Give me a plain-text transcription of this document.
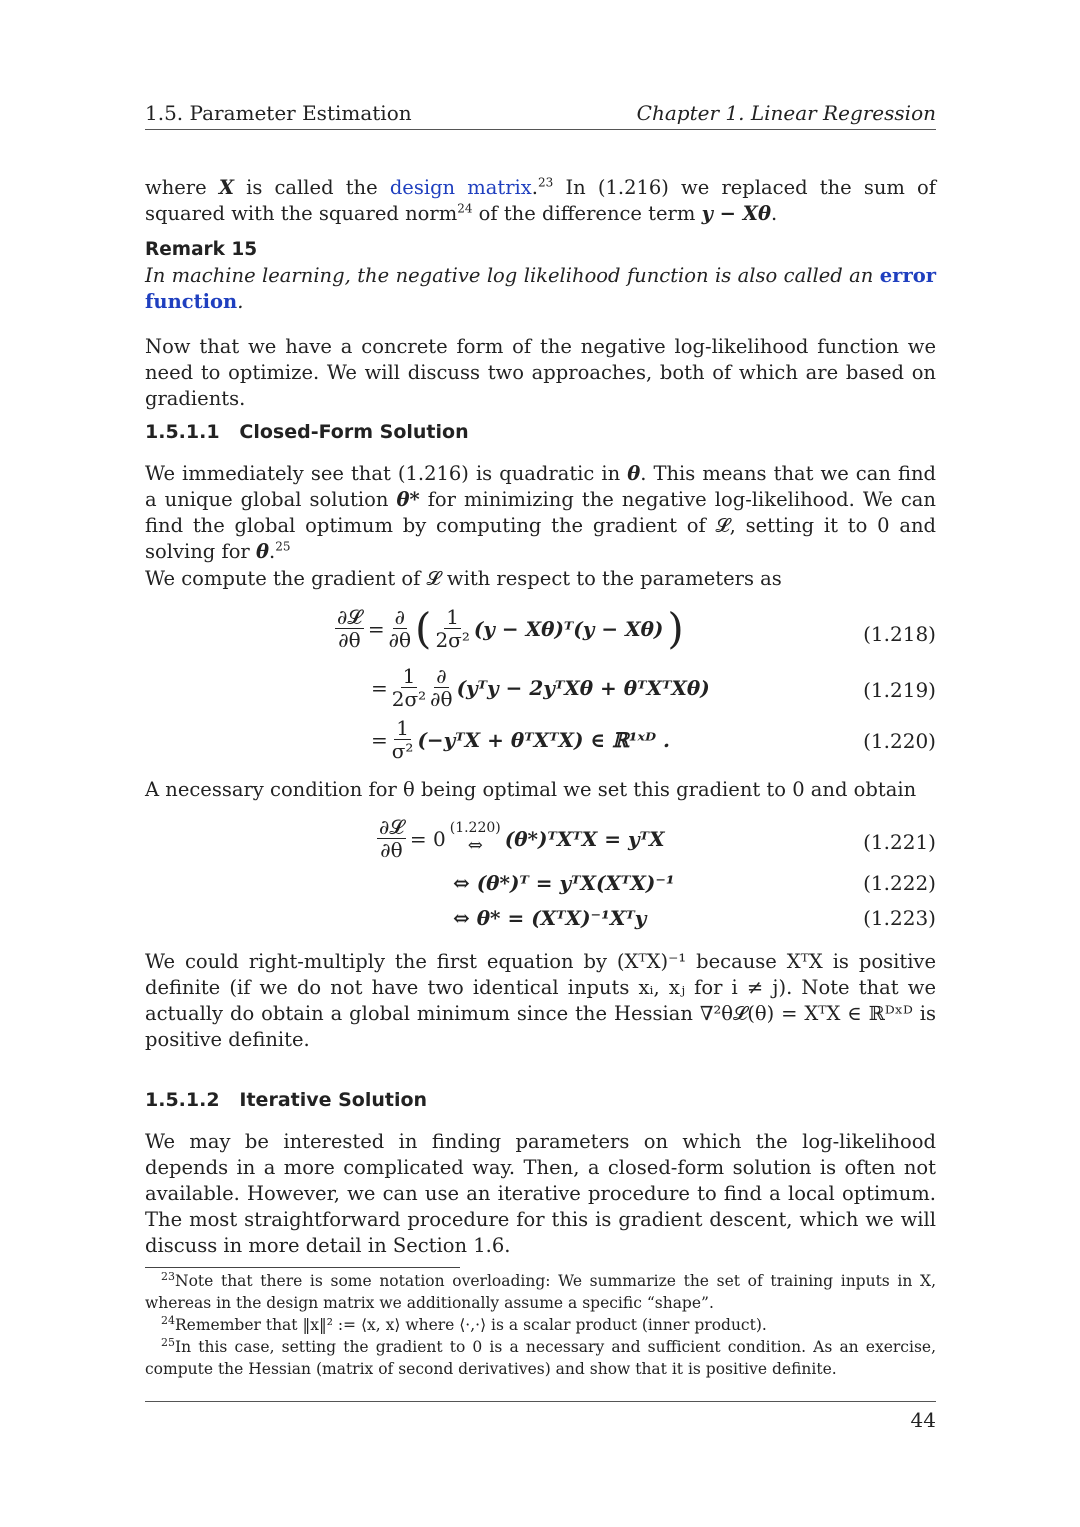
1.5. Parameter Estimation	Chapter 1. Linear Regression
where X is called the design matrix.$^{23}$ In (1.216) we replaced the sum of squared with the squared norm$^{24}$ of the difference term y − Xθ.
Remark 15
In machine learning, the negative log likelihood function is also called an error function.
Now that we have a concrete form of the negative log-likelihood function we need to optimize. We will discuss two approaches, both of which are based on gradients.
1.5.1.1 Closed-Form Solution
We immediately see that (1.216) is quadratic in θ. This means that we can find a unique global solution θ* for minimizing the negative log-likelihood. We can find the global optimum by computing the gradient of 𝓛, setting it to 0 and solving for θ.$^{25}$
We compute the gradient of 𝓛 with respect to the parameters as
$\frac{\text{∂𝓛}}{\partial\theta} = \frac{\partial}{\partial\theta}$ ( $\frac{1}{\text{2σ²}} (y$ − Xθ)ᵀ(y − Xθ) )	(1.218)
= $\frac{1}{\text{2σ²}} \frac{\partial}{\partial\theta}$ (yᵀy − 2yᵀXθ + θᵀXᵀXθ)	(1.219)
= $\frac{1}{\text{σ²}}$ (−yᵀX + θᵀXᵀX) ∈ ℝ¹ˣᴰ .	(1.220)
A necessary condition for θ being optimal we set this gradient to 0 and obtain
$\frac{\text{∂𝓛}}{\partial\theta} = 0$ (1.220)
⇔ (θ*)ᵀXᵀX = yᵀX	(1.221)
⇔ (θ*)ᵀ = yᵀX(XᵀX)⁻¹	(1.222)
⇔ θ* = (XᵀX)⁻¹Xᵀy	(1.223)
We could right-multiply the first equation by (XᵀX)⁻¹ because XᵀX is positive definite (if we do not have two identical inputs xᵢ, xⱼ for i ≠ j). Note that we actually do obtain a global minimum since the Hessian ∇²θ𝓛(θ) = XᵀX ∈ ℝᴰˣᴰ is positive definite.
1.5.1.2 Iterative Solution
We may be interested in finding parameters on which the log-likelihood depends in a more complicated way. Then, a closed-form solution is often not available. However, we can use an iterative procedure to find a local optimum. The most straightforward procedure for this is gradient descent, which we will discuss in more detail in Section 1.6.
$^{23}$Note that there is some notation overloading: We summarize the set of training inputs in X, whereas in the design matrix we additionally assume a specific “shape”.
$^{24}$Remember that ‖x‖² := ⟨x, x⟩ where ⟨·,·⟩ is a scalar product (inner product).
$^{25}$In this case, setting the gradient to 0 is a necessary and sufficient condition. As an exercise, compute the Hessian (matrix of second derivatives) and show that it is positive definite.
44
